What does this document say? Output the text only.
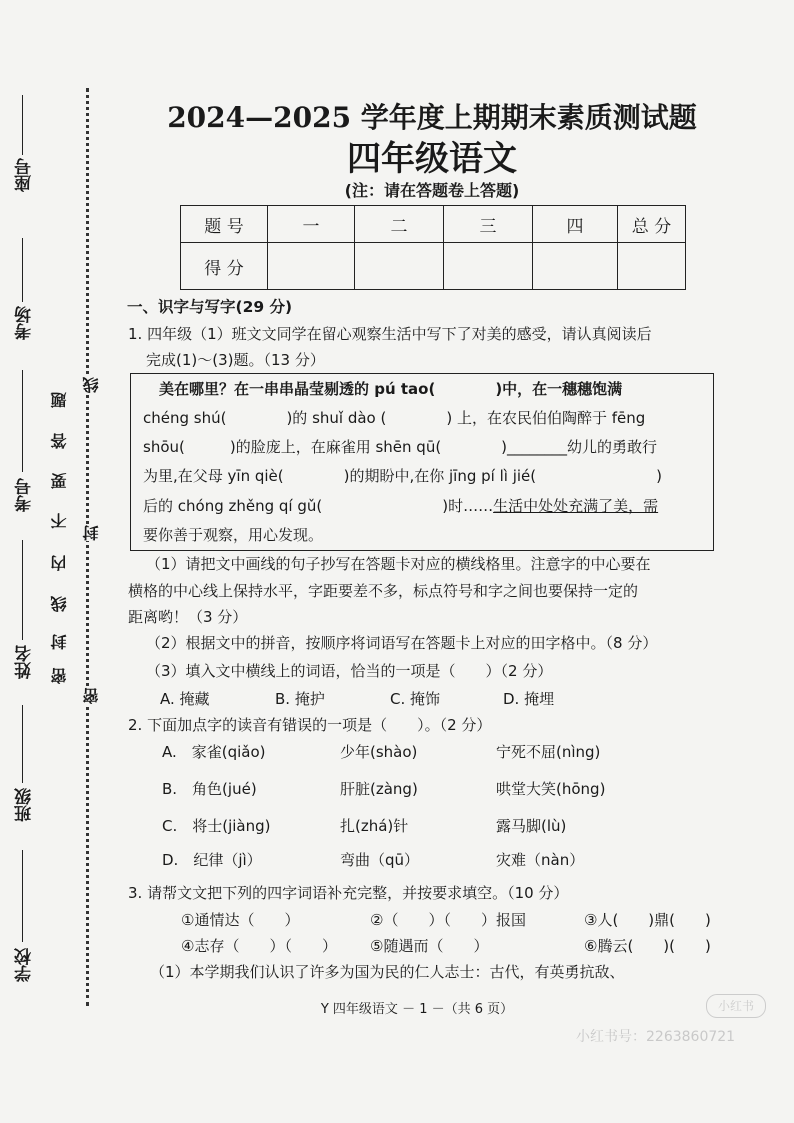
座号
考场
考号
姓名
班级
学校
密
封
线
内
不
要
答
题
线
封
密
2024—2025 学年度上期期末素质测试题
四年级语文
(注：请在答题卷上答题)
题 号	一	二	三	四	总 分
得 分					
一、识字与写字(29 分)
1. 四年级（1）班文文同学在留心观察生活中写下了对美的感受，请认真阅读后
完成(1)～(3)题。（13 分）
美在哪里？在一串串晶莹剔透的 pú tao(　　　　)中，在一穗穗饱满
chéng shú(　　　　)的 shuǐ dào (　　　　) 上，在农民伯伯陶醉于 fēng
shōu(　　　)的脸庞上，在麻雀用 shēn qū(　　　　)________幼儿的勇敢行
为里,在父母 yīn qiè(　　　　)的期盼中,在你 jīng pí lì jié(　　　　　　　　)
后的 chóng zhěng qí gǔ(　　　　　　　　)时……生活中处处充满了美，需
要你善于观察，用心发现。
（1）请把文中画线的句子抄写在答题卡对应的横线格里。注意字的中心要在
横格的中心线上保持水平，字距要差不多，标点符号和字之间也要保持一定的
距离哟！（3 分）
（2）根据文中的拼音，按顺序将词语写在答题卡上对应的田字格中。（8 分）
（3）填入文中横线上的词语，恰当的一项是（　　）（2 分）
A. 掩藏	B. 掩护	C. 掩饰	D. 掩埋
2. 下面加点字的读音有错误的一项是（　　）。（2 分）
A.　家雀(qiǎo)	少年(shào)	宁死不屈(nìng)
B.　角色(jué)	肝脏(zàng)	哄堂大笑(hōng)
C.　将士(jiàng)	扎(zhá)针	露马脚(lù)
D.　纪律（jì）	弯曲（qū）	灾难（nàn）
3. 请帮文文把下列的四字词语补充完整，并按要求填空。（10 分）
①通情达（　　）	②（　　）（　　）报国	③人(　　)鼎(　　)
④志存（　　）（　　） ⑤随遇而（　　）	⑥腾云(　　)(　　)
（1）本学期我们认识了许多为国为民的仁人志士：古代，有英勇抗敌、
Y 四年级语文 － 1 －（共 6 页）	小红书
小红书号：2263860721
